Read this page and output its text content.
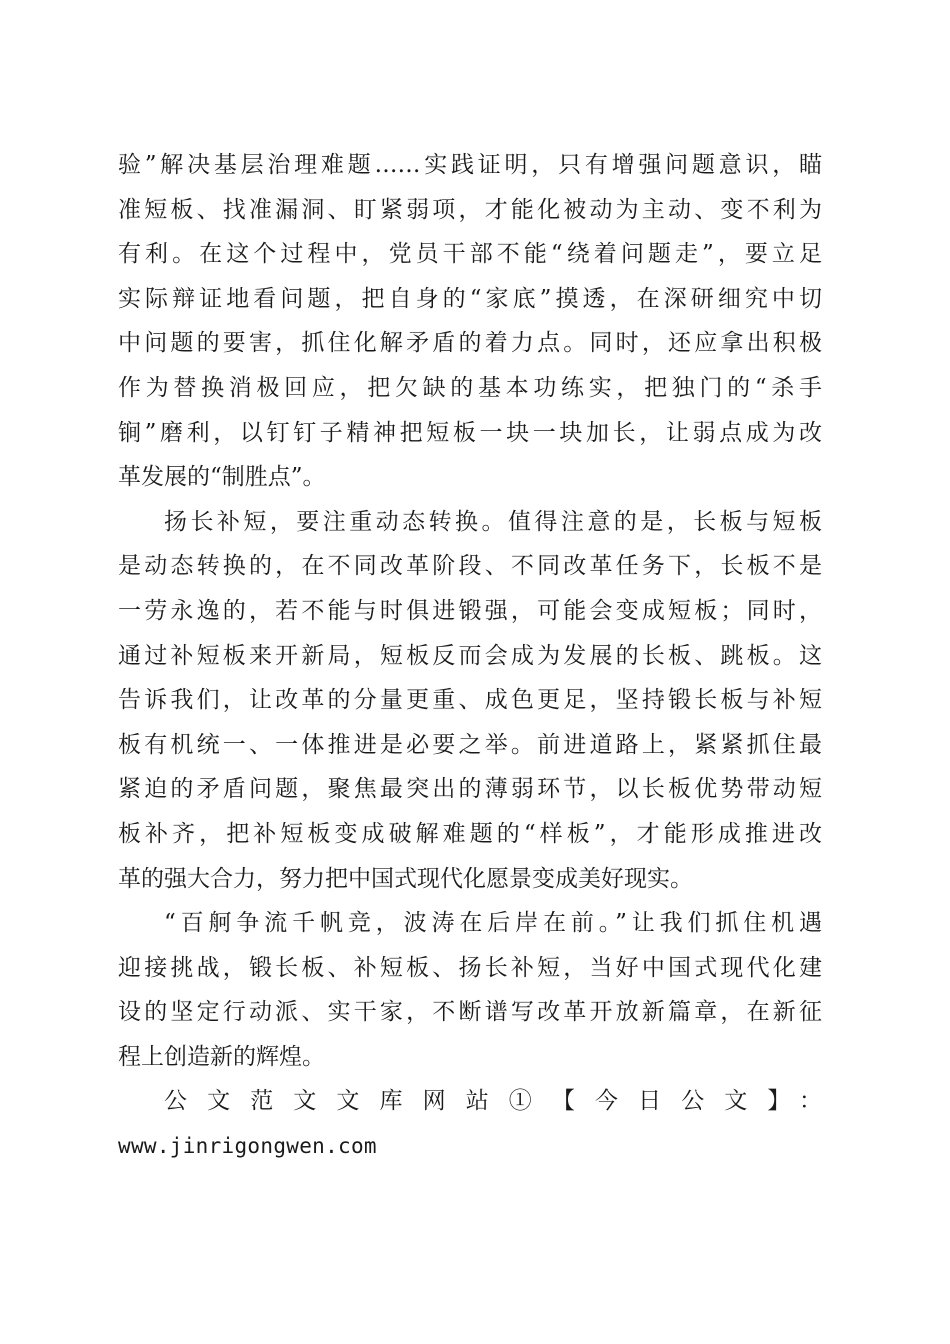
验”解决基层治理难题……实践证明，只有增强问题意识，瞄
准短板、找准漏洞、盯紧弱项，才能化被动为主动、变不利为
有利。在这个过程中，党员干部不能“绕着问题走”，要立足
实际辩证地看问题，把自身的“家底”摸透，在深研细究中切
中问题的要害，抓住化解矛盾的着力点。同时，还应拿出积极
作为替换消极回应，把欠缺的基本功练实，把独门的“杀手
锏”磨利，以钉钉子精神把短板一块一块加长，让弱点成为改
革发展的“制胜点”。
扬长补短，要注重动态转换。值得注意的是，长板与短板
是动态转换的，在不同改革阶段、不同改革任务下，长板不是
一劳永逸的，若不能与时俱进锻强，可能会变成短板；同时，
通过补短板来开新局，短板反而会成为发展的长板、跳板。这
告诉我们，让改革的分量更重、成色更足，坚持锻长板与补短
板有机统一、一体推进是必要之举。前进道路上，紧紧抓住最
紧迫的矛盾问题，聚焦最突出的薄弱环节，以长板优势带动短
板补齐，把补短板变成破解难题的“样板”，才能形成推进改
革的强大合力，努力把中国式现代化愿景变成美好现实。
“百舸争流千帆竞，波涛在后岸在前。”让我们抓住机遇
迎接挑战，锻长板、补短板、扬长补短，当好中国式现代化建
设的坚定行动派、实干家，不断谱写改革开放新篇章，在新征
程上创造新的辉煌。
公文范文文库网站①【今日公文】：
www.jinrigongwen.com
